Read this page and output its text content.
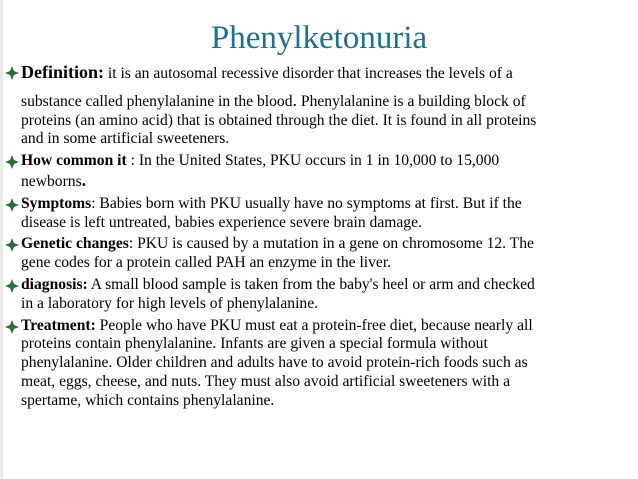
Phenylketonuria
Definition: it is an autosomal recessive disorder that increases the levels of a
substance called phenylalanine in the blood. Phenylalanine is a building block of
proteins (an amino acid) that is obtained through the diet. It is found in all proteins
and in some artificial sweeteners.
How common it : In the United States, PKU occurs in 1 in 10,000 to 15,000
newborns.
Symptoms: Babies born with PKU usually have no symptoms at first. But if the
disease is left untreated, babies experience severe brain damage.
Genetic changes: PKU is caused by a mutation in a gene on chromosome 12. The
gene codes for a protein called PAH an enzyme in the liver.
diagnosis: A small blood sample is taken from the baby's heel or arm and checked
in a laboratory for high levels of phenylalanine.
Treatment: People who have PKU must eat a protein-free diet, because nearly all
proteins contain phenylalanine. Infants are given a special formula without
phenylalanine. Older children and adults have to avoid protein-rich foods such as
meat, eggs, cheese, and nuts. They must also avoid artificial sweeteners with a
spertame, which contains phenylalanine.
